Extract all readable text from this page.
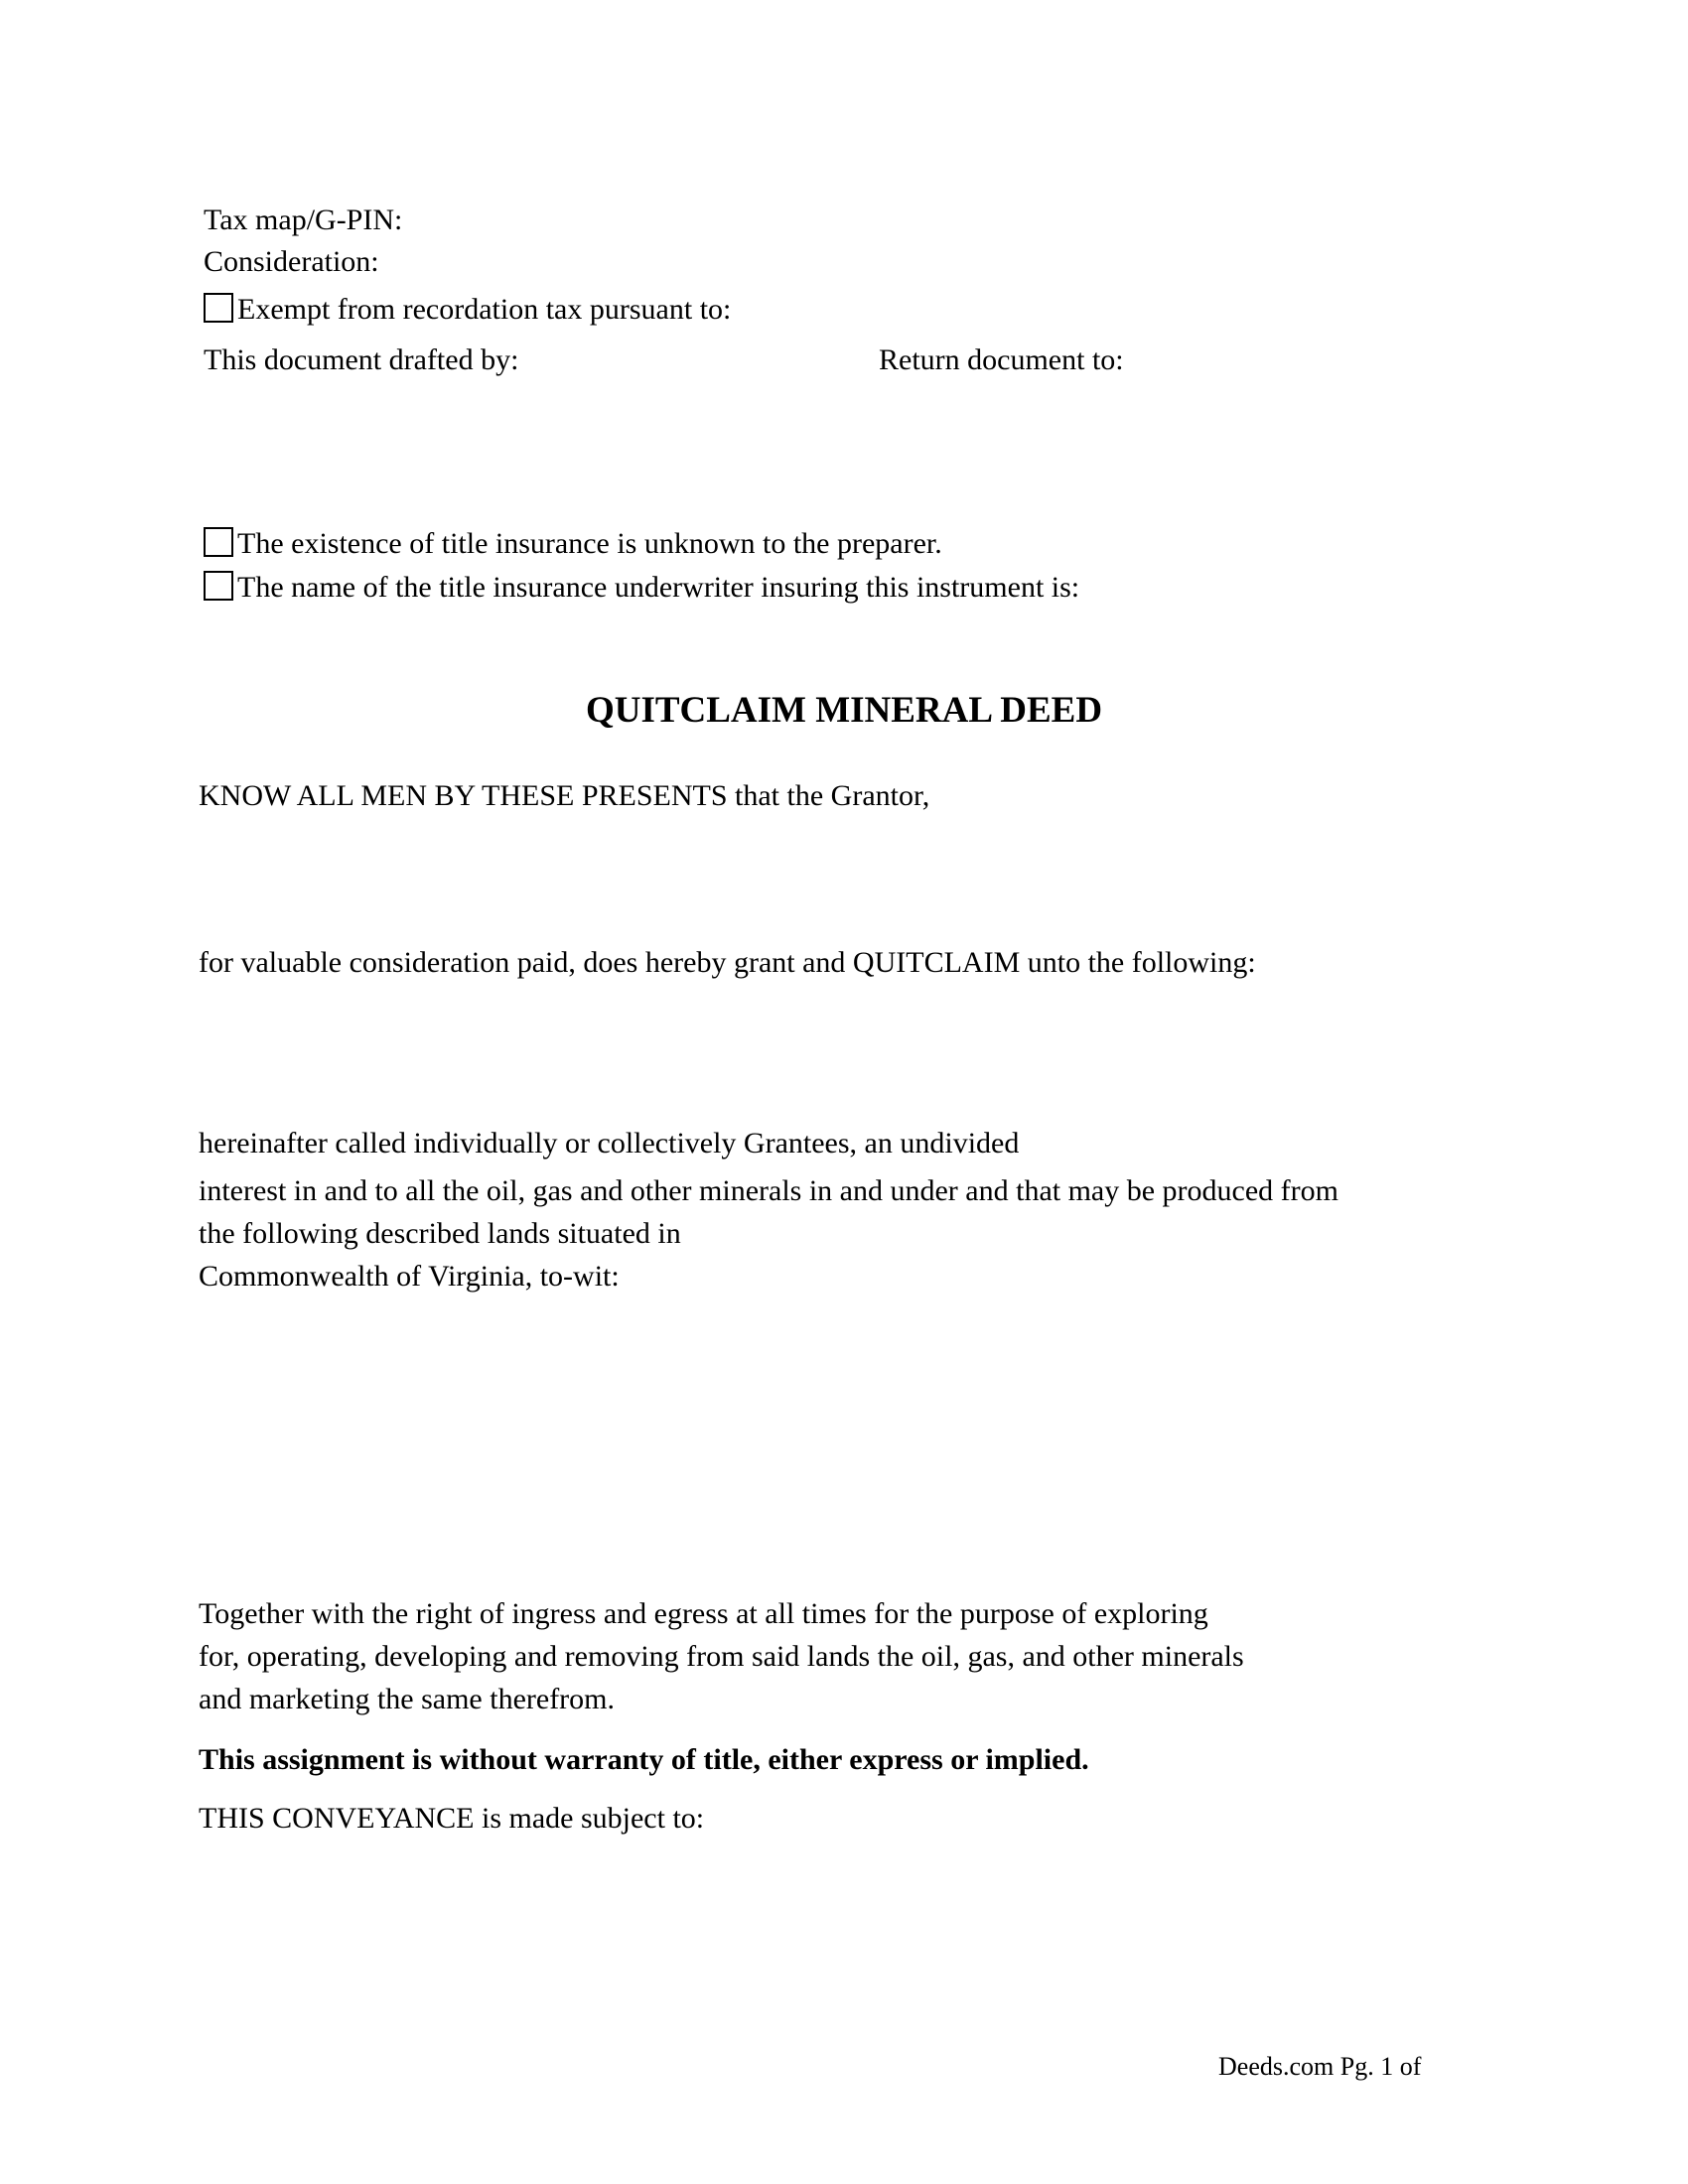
Tax map/G-PIN:
Consideration:
Exempt from recordation tax pursuant to:
This document drafted by:	Return document to:
The existence of title insurance is unknown to the preparer.
The name of the title insurance underwriter insuring this instrument is:
QUITCLAIM MINERAL DEED
KNOW ALL MEN BY THESE PRESENTS that the Grantor,
for valuable consideration paid, does hereby grant and QUITCLAIM unto the following:
hereinafter called individually or collectively Grantees, an undivided
interest in and to all the oil, gas and other minerals in and under and that may be produced from
the following described lands situated in
Commonwealth of Virginia, to-wit:
Together with the right of ingress and egress at all times for the purpose of exploring
for, operating, developing and removing from said lands the oil, gas, and other minerals
and marketing the same therefrom.
This assignment is without warranty of title, either express or implied.
THIS CONVEYANCE is made subject to:
Deeds.com Pg. 1 of
